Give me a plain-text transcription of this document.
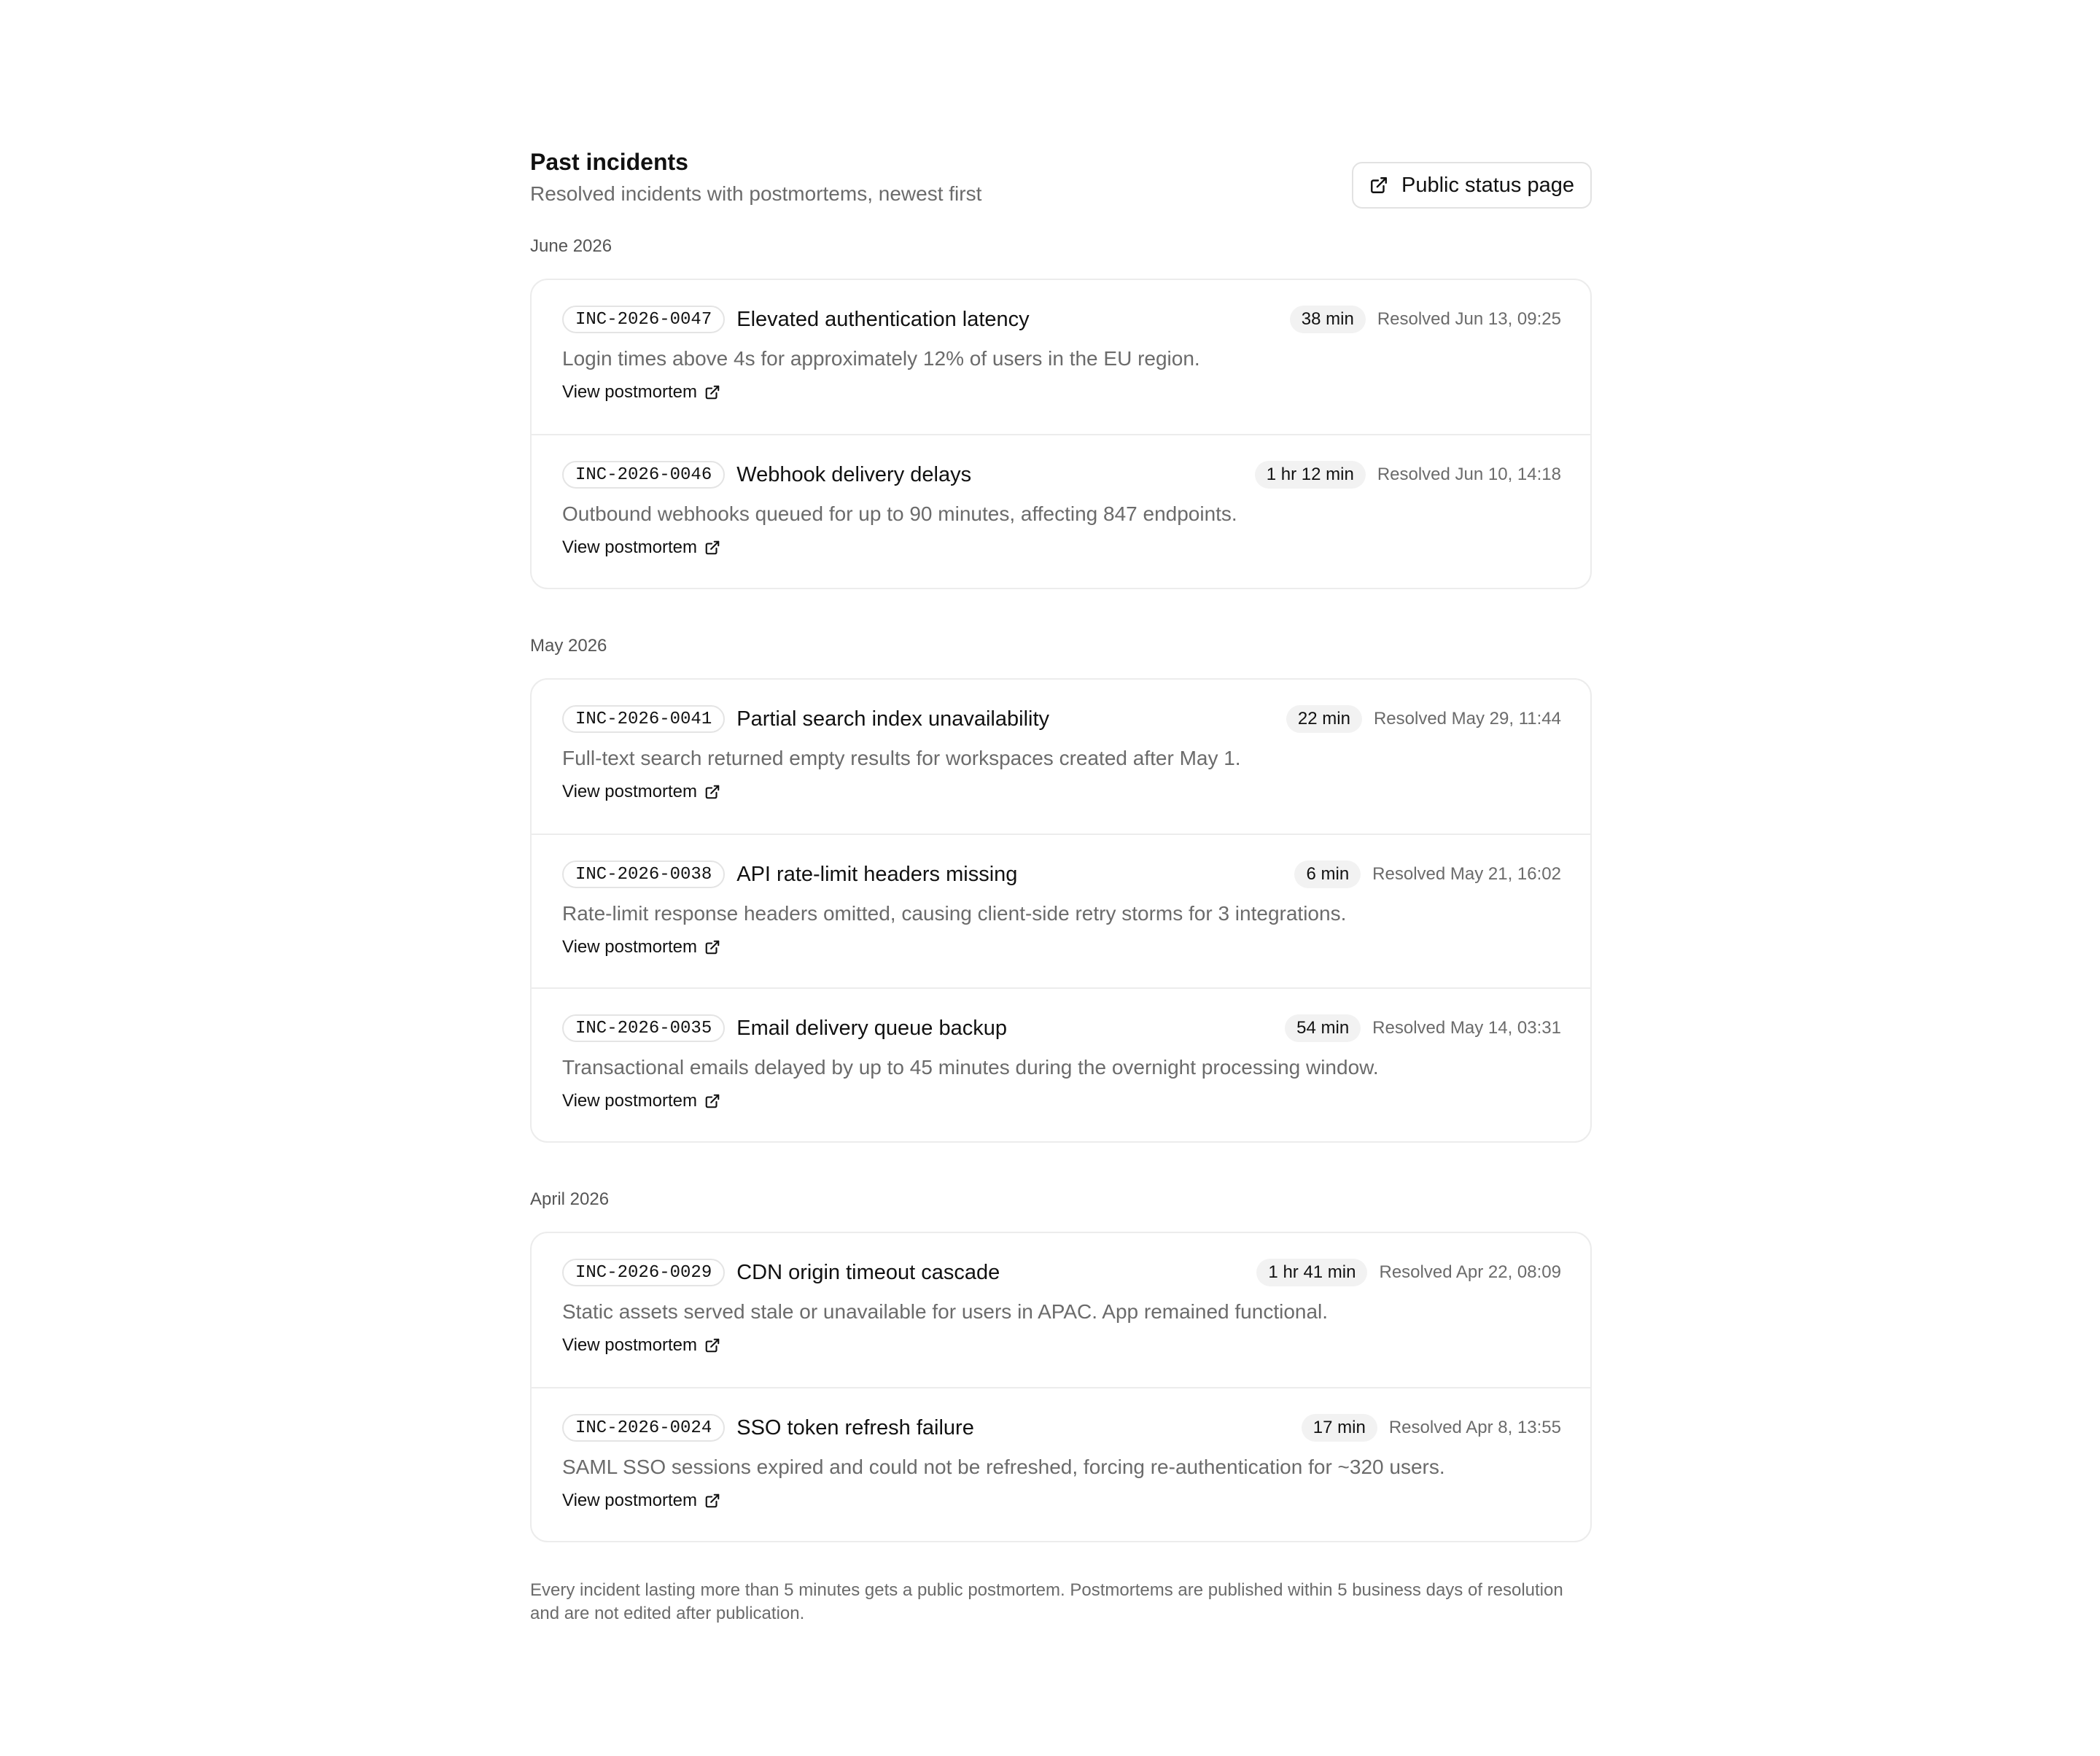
Past incidents
Resolved incidents with postmortems, newest first	Public status page
June 2026
INC-2026-0047	Elevated authentication latency	38 min	Resolved Jun 13, 09:25
Login times above 4s for approximately 12% of users in the EU region.
View postmortem
INC-2026-0046	Webhook delivery delays	1 hr 12 min	Resolved Jun 10, 14:18
Outbound webhooks queued for up to 90 minutes, affecting 847 endpoints.
View postmortem
May 2026
INC-2026-0041	Partial search index unavailability	22 min	Resolved May 29, 11:44
Full-text search returned empty results for workspaces created after May 1.
View postmortem
INC-2026-0038	API rate-limit headers missing	6 min	Resolved May 21, 16:02
Rate-limit response headers omitted, causing client-side retry storms for 3 integrations.
View postmortem
INC-2026-0035	Email delivery queue backup	54 min	Resolved May 14, 03:31
Transactional emails delayed by up to 45 minutes during the overnight processing window.
View postmortem
April 2026
INC-2026-0029	CDN origin timeout cascade	1 hr 41 min	Resolved Apr 22, 08:09
Static assets served stale or unavailable for users in APAC. App remained functional.
View postmortem
INC-2026-0024	SSO token refresh failure	17 min	Resolved Apr 8, 13:55
SAML SSO sessions expired and could not be refreshed, forcing re-authentication for ~320 users.
View postmortem
Every incident lasting more than 5 minutes gets a public postmortem. Postmortems are published within 5 business days of resolution and are not edited after publication.
